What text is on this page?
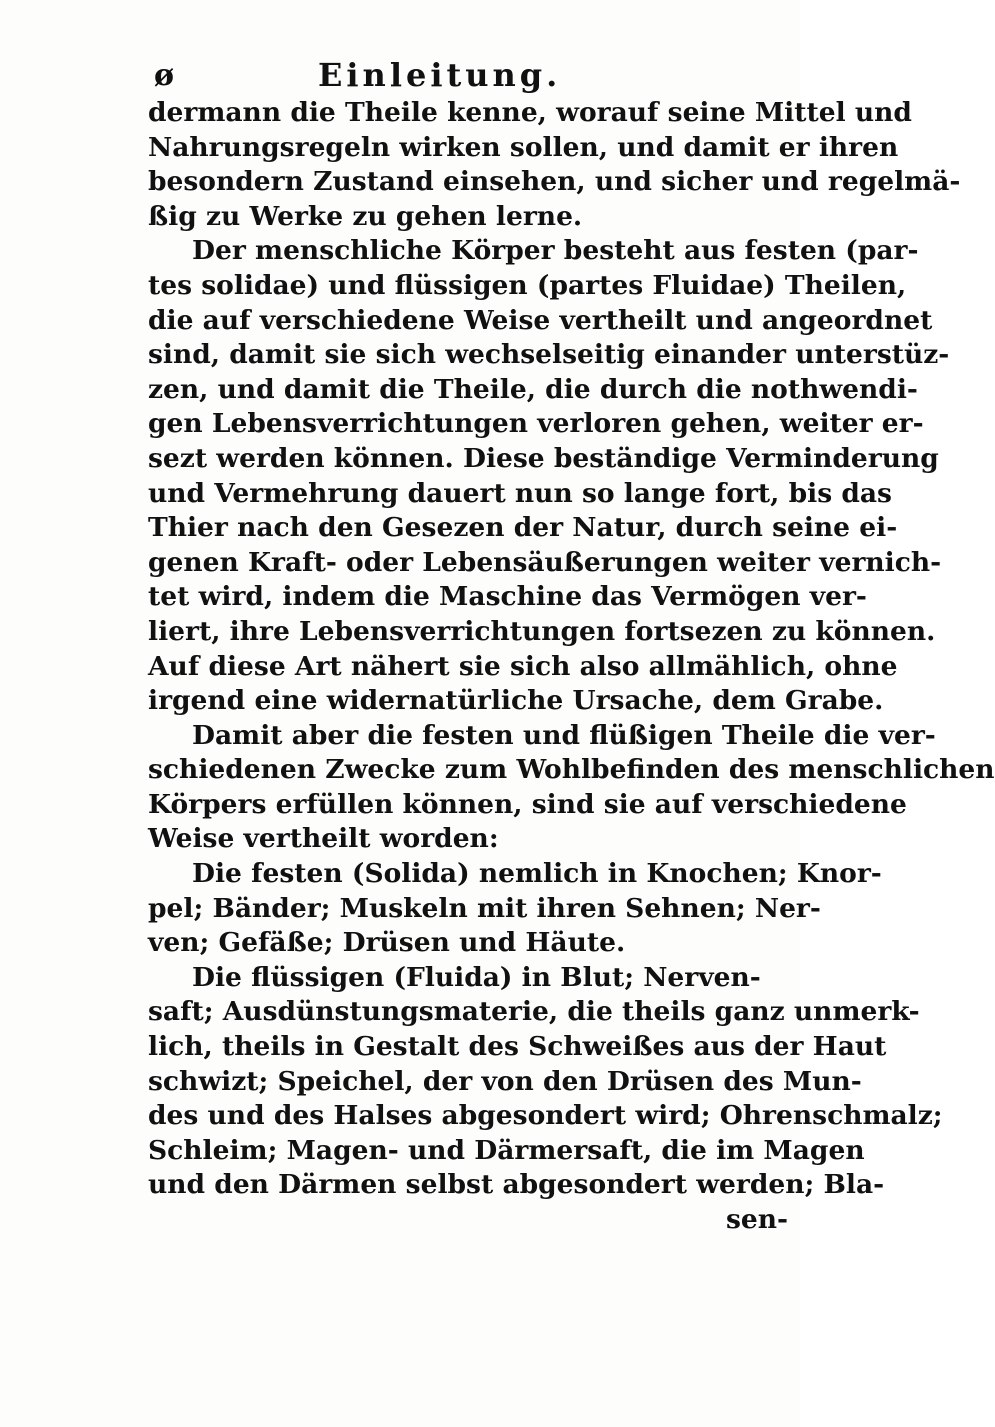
ø	Einleitung.
dermann die Theile kenne, worauf seine Mittel und
Nahrungsregeln wirken sollen, und damit er ihren
besondern Zustand einsehen, und sicher und regelmä-
ßig zu Werke zu gehen lerne.
Der menschliche Körper besteht aus festen (par-
tes solidae) und flüssigen (partes Fluidae) Theilen,
die auf verschiedene Weise vertheilt und angeordnet
sind, damit sie sich wechselseitig einander unterstüz-
zen, und damit die Theile, die durch die nothwendi-
gen Lebensverrichtungen verloren gehen, weiter er-
sezt werden können. Diese beständige Verminderung
und Vermehrung dauert nun so lange fort, bis das
Thier nach den Gesezen der Natur, durch seine ei-
genen Kraft- oder Lebensäußerungen weiter vernich-
tet wird, indem die Maschine das Vermögen ver-
liert, ihre Lebensverrichtungen fortsezen zu können.
Auf diese Art nähert sie sich also allmählich, ohne
irgend eine widernatürliche Ursache, dem Grabe.
Damit aber die festen und flüßigen Theile die ver-
schiedenen Zwecke zum Wohlbefinden des menschlichen
Körpers erfüllen können, sind sie auf verschiedene
Weise vertheilt worden:
Die festen (Solida) nemlich in Knochen; Knor-
pel; Bänder; Muskeln mit ihren Sehnen; Ner-
ven; Gefäße; Drüsen und Häute.
Die flüssigen (Fluida) in Blut; Nerven-
saft; Ausdünstungsmaterie, die theils ganz unmerk-
lich, theils in Gestalt des Schweißes aus der Haut
schwizt; Speichel, der von den Drüsen des Mun-
des und des Halses abgesondert wird; Ohrenschmalz;
Schleim; Magen- und Därmersaft, die im Magen
und den Därmen selbst abgesondert werden; Bla-
sen-
